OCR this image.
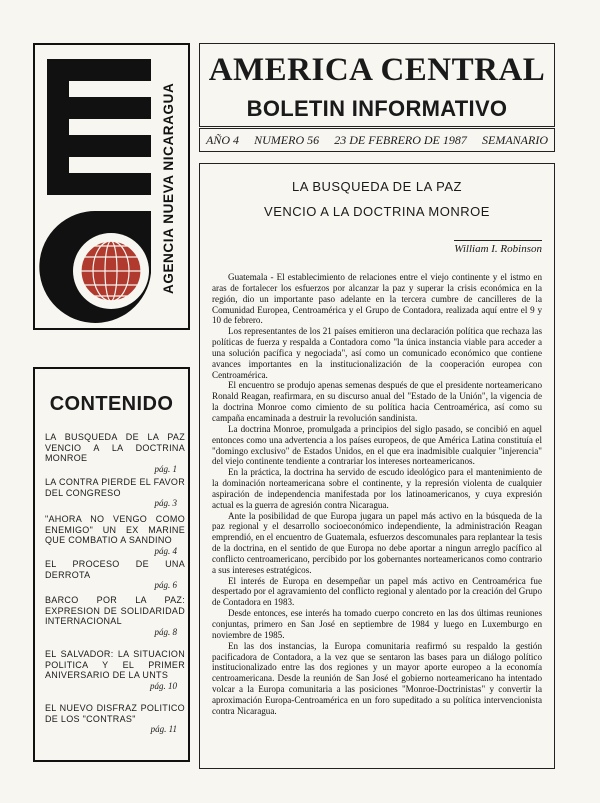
AGENCIA NUEVA NICARAGUA
AMERICA CENTRAL
BOLETIN INFORMATIVO
AÑO 4 NUMERO 56 23 DE FEBRERO DE 1987 SEMANARIO
CONTENIDO
LA BUSQUEDA DE LA PAZ VENCIO A LA DOCTRINA MONROE
pág. 1
LA CONTRA PIERDE EL FAVOR DEL CONGRESO
pág. 3
"AHORA NO VENGO COMO ENEMIGO" UN EX MARINE QUE COMBATIO A SANDINO
pág. 4
EL PROCESO DE UNA DERROTA
pág. 6
BARCO POR LA PAZ: EXPRESION DE SOLIDARIDAD INTERNACIONAL
pág. 8
EL SALVADOR: LA SITUACION POLITICA Y EL PRIMER ANIVERSARIO DE LA UNTS
pág. 10
EL NUEVO DISFRAZ POLITICO DE LOS "CONTRAS"
pág. 11
LA BUSQUEDA DE LA PAZ
VENCIO A LA DOCTRINA MONROE
William I. Robinson

Guatemala - El establecimiento de relaciones entre el viejo continente y el istmo en aras de fortalecer los esfuerzos por alcanzar la paz y superar la crisis económica en la región, dio un importante paso adelante en la tercera cumbre de cancilleres de la Comunidad Europea, Centroamérica y el Grupo de Contadora, realizada aquí entre el 9 y 10 de febrero.

Los representantes de los 21 países emitieron una declaración política que rechaza las políticas de fuerza y respalda a Contadora como "la única instancia viable para acceder a una solución pacífica y negociada", así como un comunicado económico que contiene avances importantes en la institucionalización de la cooperación europea con Centroamérica.

El encuentro se produjo apenas semenas después de que el presidente norteamericano Ronald Reagan, reafirmara, en su discurso anual del "Estado de la Unión", la vigencia de la doctrina Monroe como cimiento de su política hacia Centroamérica, así como su campaña encaminada a destruir la revolución sandinista.

La doctrina Monroe, promulgada a principios del siglo pasado, se concibió en aquel entonces como una advertencia a los países europeos, de que América Latina constituía el "domingo exclusivo" de Estados Unidos, en el que era inadmisible cualquier "injerencia" del viejo continente tendiente a contrariar los intereses norteamericanos.

En la práctica, la doctrina ha servido de escudo ideológico para el mantenimiento de la dominación norteamericana sobre el continente, y la represión violenta de cualquier aspiración de independencia manifestada por los latinoamericanos, y cuya expresión actual es la guerra de agresión contra Nicaragua.

Ante la posibilidad de que Europa jugara un papel más activo en la búsqueda de la paz regional y el desarrollo socioeconómico independiente, la administración Reagan emprendió, en el encuentro de Guatemala, esfuerzos descomunales para replantear la tesis de la doctrina, en el sentido de que Europa no debe aportar a ningun arreglo pacífico al conflicto centroamericano, percibido por los gobernantes norteamericanos como contrario a sus intereses estratégicos.

El interés de Europa en desempeñar un papel más activo en Centroamérica fue despertado por el agravamiento del conflicto regional y alentado por la creación del Grupo de Contadora en 1983.

Desde entonces, ese interés ha tomado cuerpo concreto en las dos últimas reuniones conjuntas, primero en San José en septiembre de 1984 y luego en Luxemburgo en noviembre de 1985.

En las dos instancias, la Europa comunitaria reafirmó su respaldo la gestión pacificadora de Contadora, a la vez que se sentaron las bases para un diálogo político institucionalizado entre las dos regiones y un mayor aporte europeo a la economía centroamericana. Desde la reunión de San José el gobierno norteamericano ha intentado volcar a la Europa comunitaria a las posiciones "Monroe-Doctrinistas" y convertir la aproximación Europa-Centroamérica en un foro supeditado a su política intervencionista contra Nicaragua.
